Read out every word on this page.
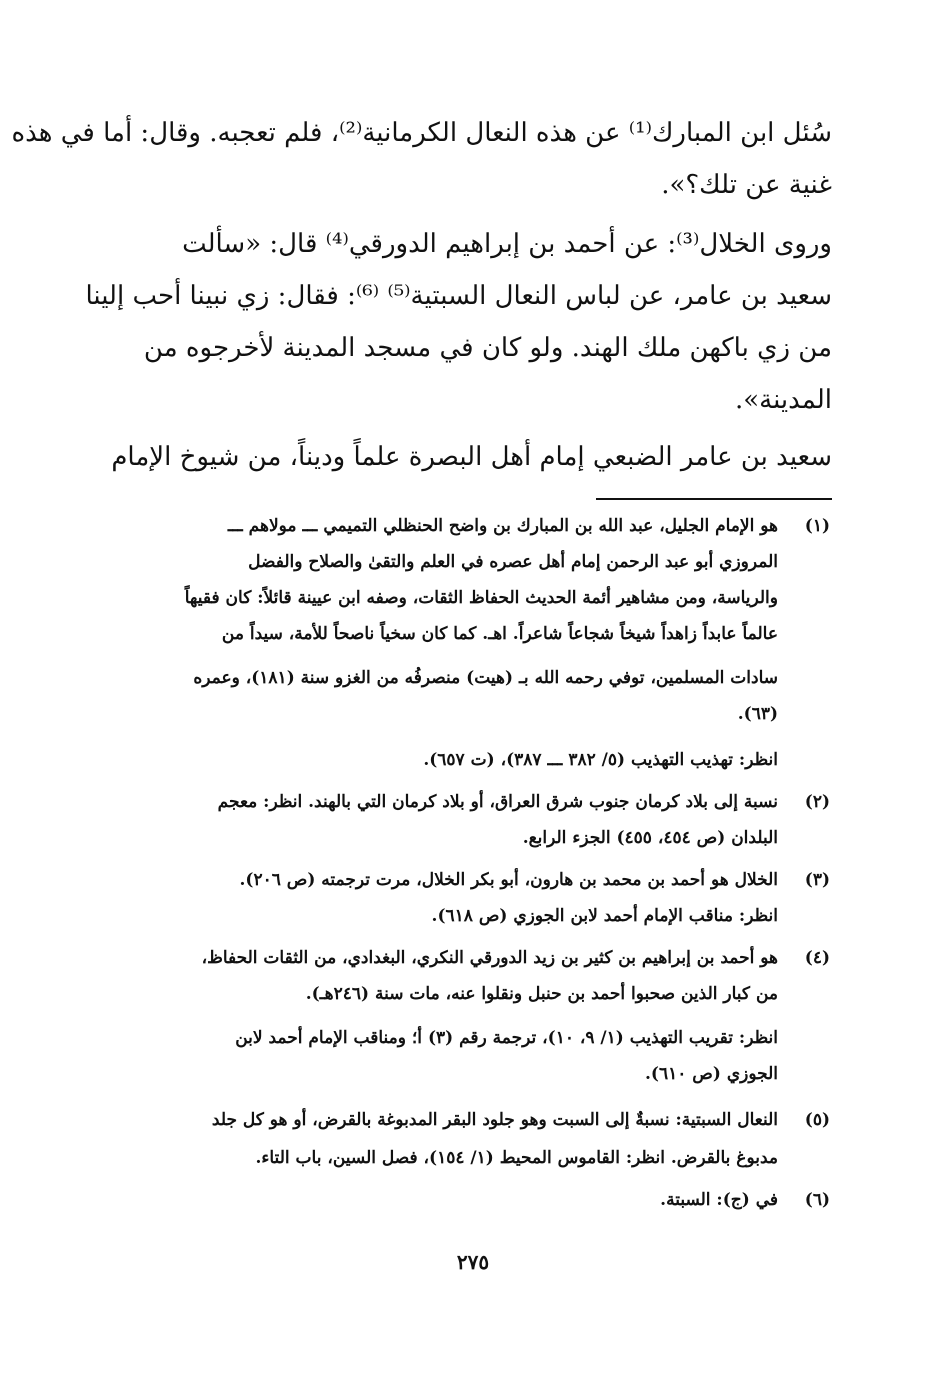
سُئل ابن المبارك⁽¹⁾ عن هذه النعال الكرمانية⁽²⁾، فلم تعجبه. وقال: أما في هذه
غنية عن تلك؟».
وروى الخلال⁽³⁾: عن أحمد بن إبراهيم الدورقي⁽⁴⁾ قال: «سألت
سعيد بن عامر، عن لباس النعال السبتية⁽⁵⁾ ⁽⁶⁾: فقال: زي نبينا أحب إلينا
من زي باكهن ملك الهند. ولو كان في مسجد المدينة لأخرجوه من
المدينة».
سعيد بن عامر الضبعي إمام أهل البصرة علماً وديناً، من شيوخ الإمام
(١)
هو الإمام الجليل، عبد الله بن المبارك بن واضح الحنظلي التميمي ـــ مولاهم ـــ
المروزي أبو عبد الرحمن إمام أهل عصره في العلم والتقىٰ والصلاح والفضل
والرياسة، ومن مشاهير أئمة الحديث الحفاظ الثقات، وصفه ابن عيينة قائلاً: كان فقيهاً
عالماً عابداً زاهداً شيخاً شجاعاً شاعراً. اهـ. كما كان سخياً ناصحاً للأمة، سيداً من
سادات المسلمين، توفي رحمه الله بـ (هيت) منصرفُه من الغزو سنة (١٨١)، وعمره
(٦٣).
انظر: تهذيب التهذيب (٥/ ٣٨٢ ـــ ٣٨٧)، (ت ٦٥٧).
(٢)
نسبة إلى بلاد كرمان جنوب شرق العراق، أو بلاد كرمان التي بالهند. انظر: معجم
البلدان (ص ٤٥٤، ٤٥٥) الجزء الرابع.
(٣)
الخلال هو أحمد بن محمد بن هارون، أبو بكر الخلال، مرت ترجمته (ص ٢٠٦).
انظر: مناقب الإمام أحمد لابن الجوزي (ص ٦١٨).
(٤)
هو أحمد بن إبراهيم بن كثير بن زيد الدورقي النكري، البغدادي، من الثقات الحفاظ،
من كبار الذين صحبوا أحمد بن حنبل ونقلوا عنه، مات سنة (٢٤٦هـ).
انظر: تقريب التهذيب (١/ ٩، ١٠)، ترجمة رقم (٣) أ؛ ومناقب الإمام أحمد لابن
الجوزي (ص ٦١٠).
(٥)
النعال السبتية: نسبةٌ إلى السبت وهو جلود البقر المدبوغة بالقرض، أو هو كل جلد
مدبوغ بالقرض. انظر: القاموس المحيط (١/ ١٥٤)، فصل السين، باب التاء.
(٦)
في (ج): السبتة.
٢٧٥
